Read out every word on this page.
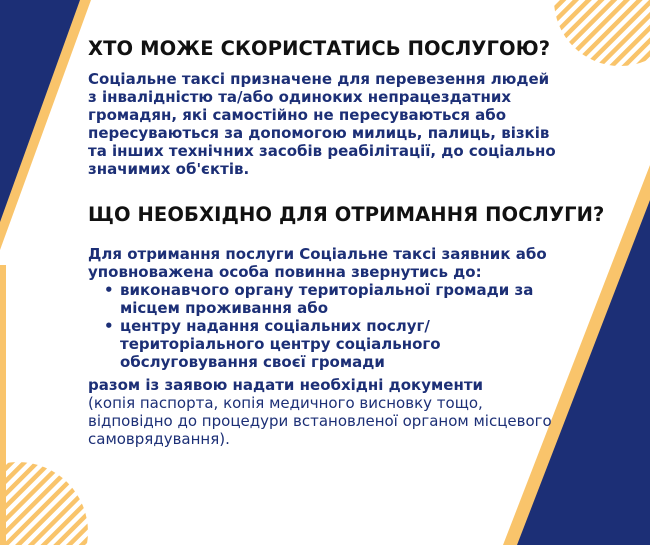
ХТО МОЖЕ СКОРИСТАТИСЬ ПОСЛУГОЮ?

Соціальне таксі призначене для перевезення людей з інвалідністю та/або одиноких непрацездатних громадян, які самостійно не пересуваються або пересуваються за допомогою милиць, палиць, візків та інших технічних засобів реабілітації, до соціально значимих об'єктів.

ЩО НЕОБХІДНО ДЛЯ ОТРИМАННЯ ПОСЛУГИ?

Для отримання послуги Соціальне таксі заявник або уповноважена особа повинна звернутись до:

• виконавчого органу територіальної громади за місцем проживання або
• центру надання соціальних послуг/ територіального центру соціального обслуговування своєї громади

разом із заявою надати необхідні документи

(копія паспорта, копія медичного висновку тощо, відповідно до процедури встановленої органом місцевого самоврядування).
